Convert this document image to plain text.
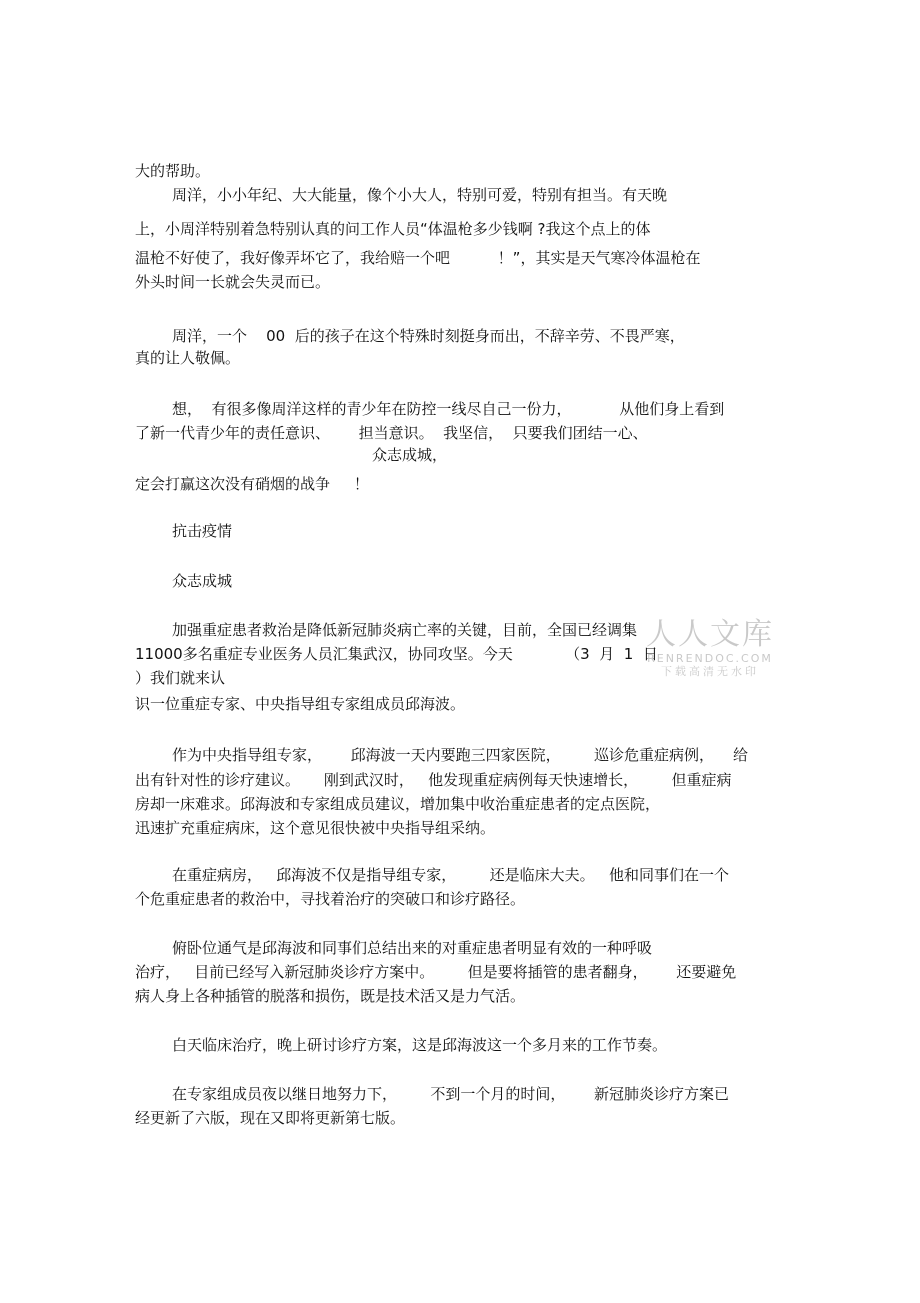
大的帮助。
周洋，小小年纪、大大能量，像个小大人，特别可爱，特别有担当。有天晚
上，小周洋特别着急特别认真的问工作人员“体温枪多少钱啊 ?我这个点上的体
温枪不好使了，我好像弄坏它了，我给赔一个吧          ！”，其实是天气寒冷体温枪在
外头时间一长就会失灵而已。
周洋，一个    00  后的孩子在这个特殊时刻挺身而出，不辞辛劳、不畏严寒，
真的让人敬佩。
想，  有很多像周洋这样的青少年在防控一线尽自己一份力，          从他们身上看到
了新一代青少年的责任意识、      担当意识。  我坚信，  只要我们团结一心、
众志成城，
定会打赢这次没有硝烟的战争     ！
抗击疫情
众志成城
加强重症患者救治是降低新冠肺炎病亡率的关键，目前，全国已经调集
11000多名重症专业医务人员汇集武汉，协同攻坚。今天           （3  月  1  日
）我们就来认
识一位重症专家、中央指导组专家组成员邱海波。
作为中央指导组专家，      邱海波一天内要跑三四家医院，       巡诊危重症病例，    给
出有针对性的诊疗建议。     刚到武汉时，   他发现重症病例每天快速增长，       但重症病
房却一床难求。邱海波和专家组成员建议，增加集中收治重症患者的定点医院，
迅速扩充重症病床，这个意见很快被中央指导组采纳。
在重症病房，   邱海波不仅是指导组专家，       还是临床大夫。   他和同事们在一个
个危重症患者的救治中，寻找着治疗的突破口和诊疗路径。
俯卧位通气是邱海波和同事们总结出来的对重症患者明显有效的一种呼吸
治疗，   目前已经写入新冠肺炎诊疗方案中。       但是要将插管的患者翻身，      还要避免
病人身上各种插管的脱落和损伤，既是技术活又是力气活。
白天临床治疗，晚上研讨诊疗方案，这是邱海波这一个多月来的工作节奏。
在专家组成员夜以继日地努力下，       不到一个月的时间，      新冠肺炎诊疗方案已
经更新了六版，现在又即将更新第七版。
人人文库
RENRENDOC.COM
下载高清无水印
